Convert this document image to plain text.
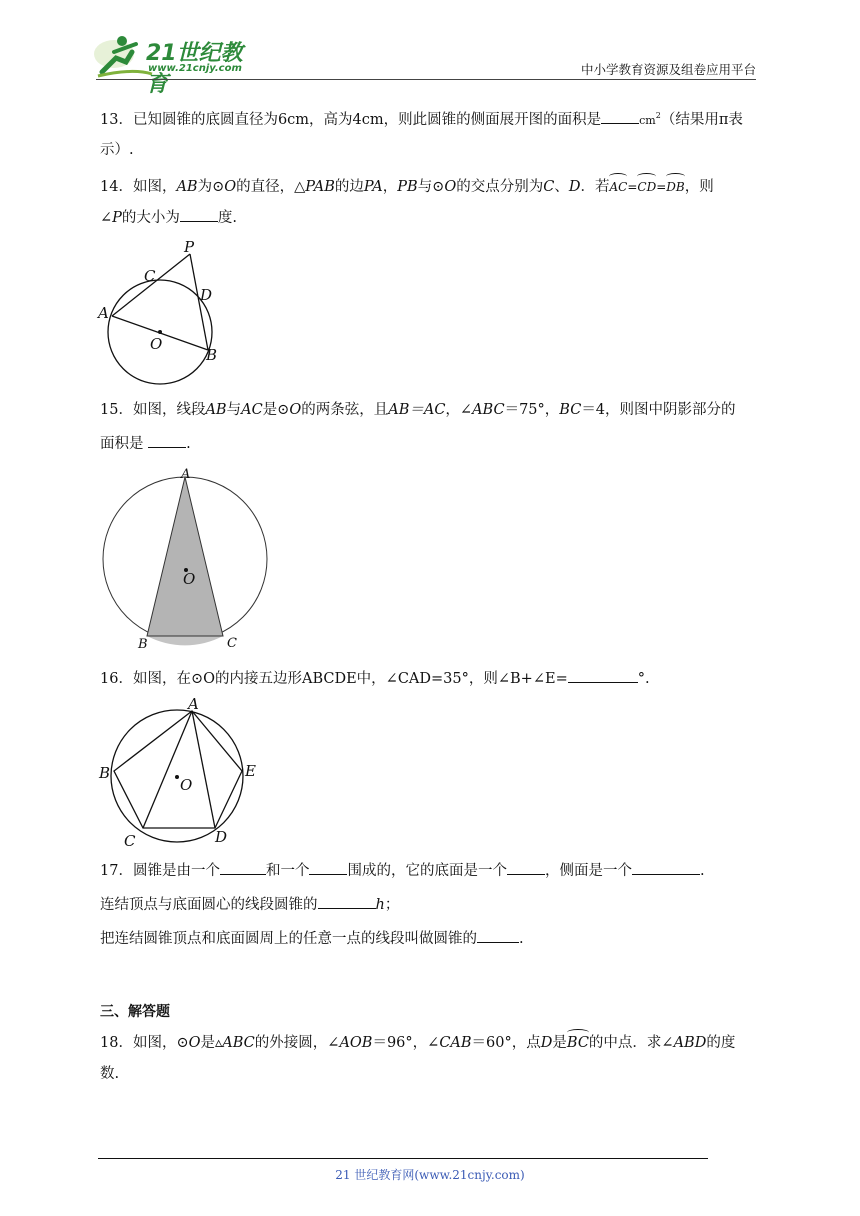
21世纪教育
www.21cnjy.com	中小学教育资源及组卷应用平台
13．已知圆锥的底圆直径为6cm，高为4cm，则此圆锥的侧面展开图的面积是	$cm^2$（结果用π表
示）.
14．如图，AB为⊙O的直径，△PAB的边PA，PB与⊙O的交点分别为C、D．若AC=CD=DB，则
∠P的大小为	度.
P
C
D
A
O
B
15．如图，线段AB与AC是⊙O的两条弦，且AB＝AC，∠ABC＝75°，BC＝4，则图中阴影部分的
面积是	.
A
O
B	C
16．如图，在⊙O的内接五边形ABCDE中，∠CAD=35°，则∠B+∠E=	°.
A
B
O
E
C	D
17．圆锥是由一个	和一个	围成的，它的底面是一个	，侧面是一个	.
连结顶点与底面圆心的线段圆锥的	h；
把连结圆锥顶点和底面圆周上的任意一点的线段叫做圆锥的	.
三、解答题
18．如图，⊙O是▵ABC的外接圆，∠AOB＝96°，∠CAB＝60°，点D是BC的中点．求∠ABD的度
数.
21 世纪教育网(www.21cnjy.com)
